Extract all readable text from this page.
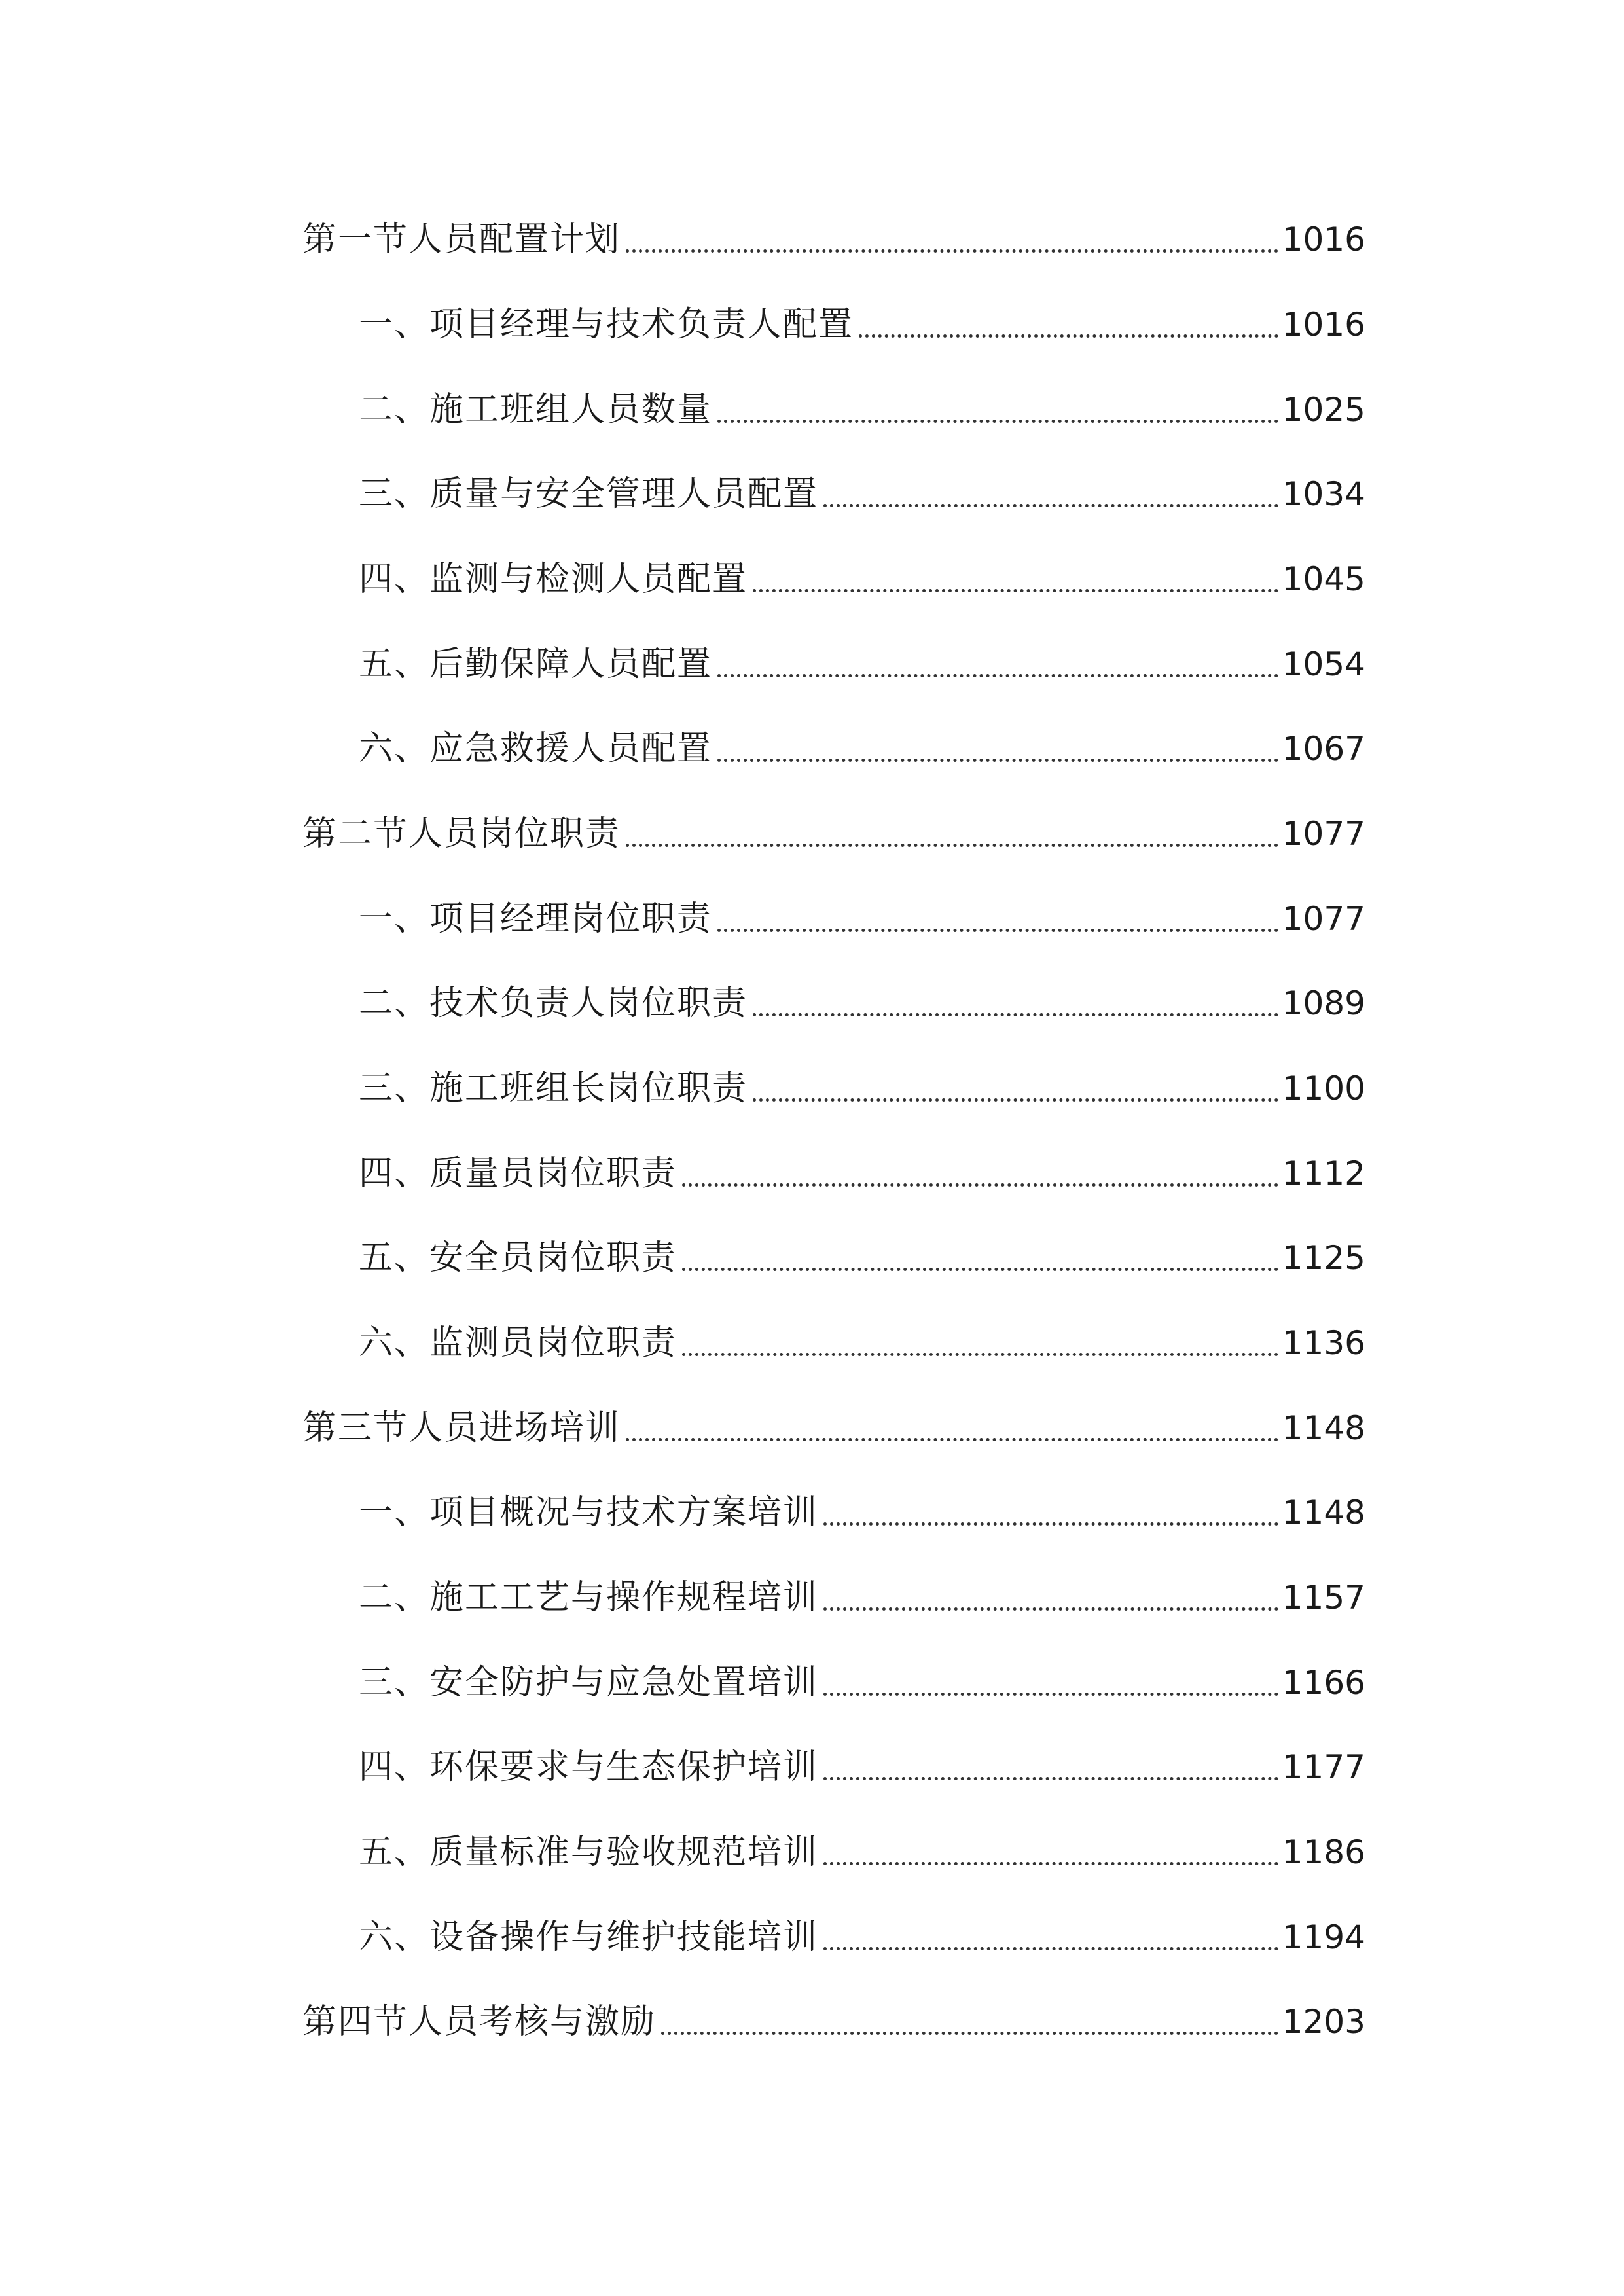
第一节人员配置计划	1016
一、项目经理与技术负责人配置	1016
二、施工班组人员数量	1025
三、质量与安全管理人员配置	1034
四、监测与检测人员配置	1045
五、后勤保障人员配置	1054
六、应急救援人员配置	1067
第二节人员岗位职责	1077
一、项目经理岗位职责	1077
二、技术负责人岗位职责	1089
三、施工班组长岗位职责	1100
四、质量员岗位职责	1112
五、安全员岗位职责	1125
六、监测员岗位职责	1136
第三节人员进场培训	1148
一、项目概况与技术方案培训	1148
二、施工工艺与操作规程培训	1157
三、安全防护与应急处置培训	1166
四、环保要求与生态保护培训	1177
五、质量标准与验收规范培训	1186
六、设备操作与维护技能培训	1194
第四节人员考核与激励	1203
